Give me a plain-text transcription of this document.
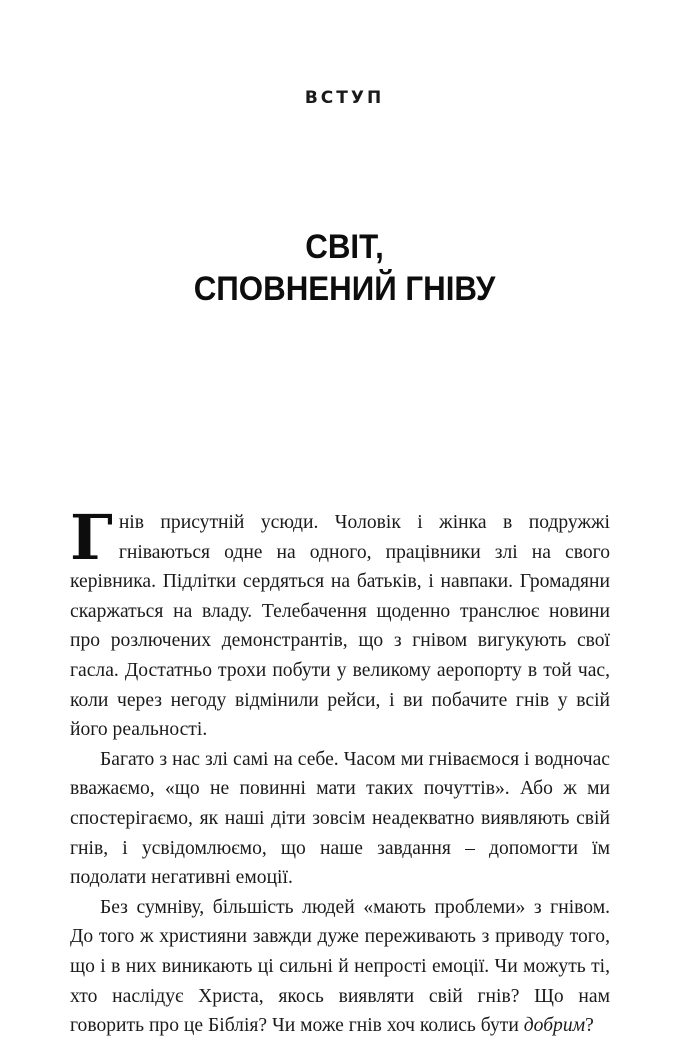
ВСТУП
СВІТ,
СПОВНЕНИЙ ГНІВУ

Гнів присутній усюди. Чоловік і жінка в подружжі гніваються одне на одного, працівники злі на свого керівника. Підлітки сердяться на батьків, і навпаки. Громадяни скаржаться на владу. Телебачення щоденно транслює новини про розлючених демонстрантів, що з гнівом вигукують свої гасла. Достатньо трохи побути у великому аеропорту в той час, коли через негоду відмінили рейси, і ви побачите гнів у всій його реальності.

Багато з нас злі самі на себе. Часом ми гніваємося і водночас вважаємо, «що не повинні мати таких почуттів». Або ж ми спостерігаємо, як наші діти зовсім неадекватно виявляють свій гнів, і усвідомлюємо, що наше завдання – допомогти їм подолати негативні емоції.

Без сумніву, більшість людей «мають проблеми» з гнівом. До того ж християни завжди дуже переживають з приводу того, що і в них виникають ці сильні й непрості емоції. Чи можуть ті, хто наслідує Христа, якось виявляти свій гнів? Що нам говорить про це Біблія? Чи може гнів хоч колись бути добрим?
